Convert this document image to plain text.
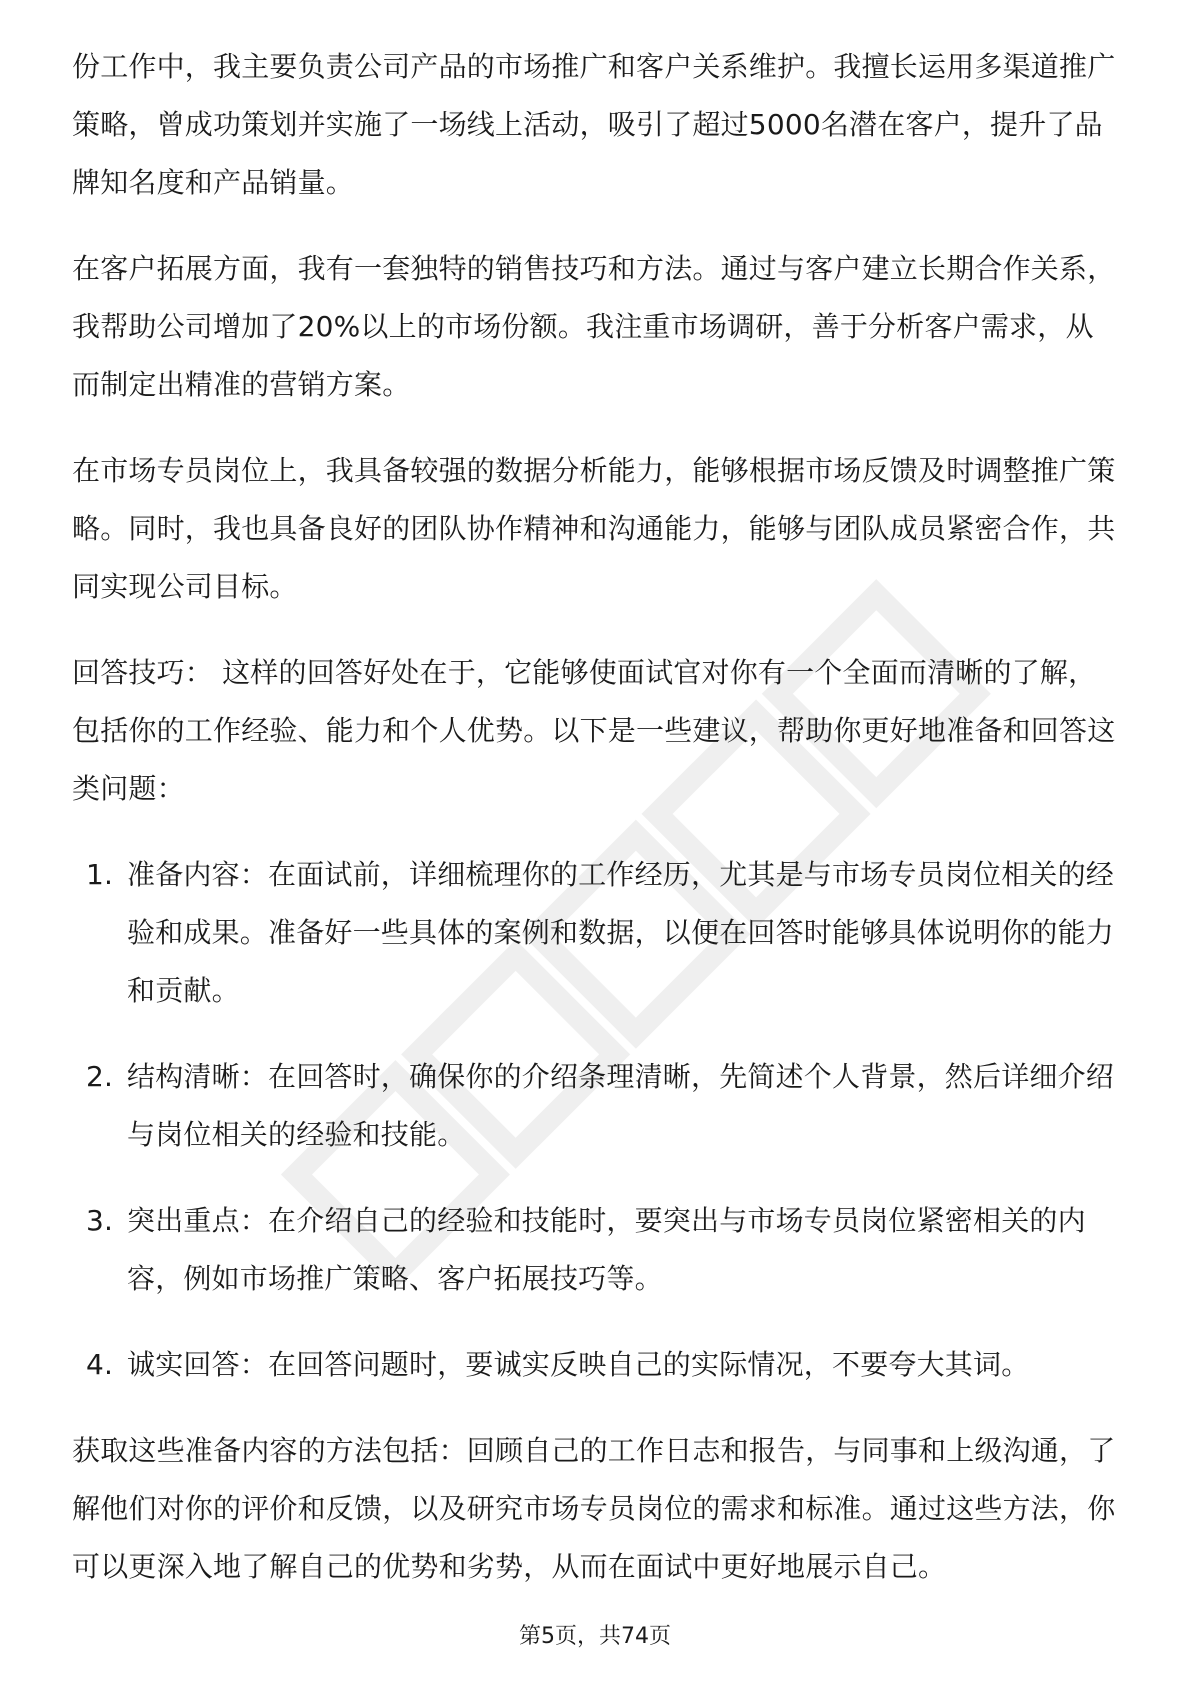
份工作中，我主要负责公司产品的市场推广和客户关系维护。我擅长运用多渠道推广策略，曾成功策划并实施了一场线上活动，吸引了超过5000名潜在客户，提升了品牌知名度和产品销量。

在客户拓展方面，我有一套独特的销售技巧和方法。通过与客户建立长期合作关系，我帮助公司增加了20%以上的市场份额。我注重市场调研，善于分析客户需求，从而制定出精准的营销方案。

在市场专员岗位上，我具备较强的数据分析能力，能够根据市场反馈及时调整推广策略。同时，我也具备良好的团队协作精神和沟通能力，能够与团队成员紧密合作，共同实现公司目标。

回答技巧： 这样的回答好处在于，它能够使面试官对你有一个全面而清晰的了解，包括你的工作经验、能力和个人优势。以下是一些建议，帮助你更好地准备和回答这类问题：

1. 准备内容：在面试前，详细梳理你的工作经历，尤其是与市场专员岗位相关的经验和成果。准备好一些具体的案例和数据，以便在回答时能够具体说明你的能力和贡献。
2. 结构清晰：在回答时，确保你的介绍条理清晰，先简述个人背景，然后详细介绍与岗位相关的经验和技能。
3. 突出重点：在介绍自己的经验和技能时，要突出与市场专员岗位紧密相关的内容，例如市场推广策略、客户拓展技巧等。
4. 诚实回答：在回答问题时，要诚实反映自己的实际情况，不要夸大其词。

获取这些准备内容的方法包括：回顾自己的工作日志和报告，与同事和上级沟通，了解他们对你的评价和反馈，以及研究市场专员岗位的需求和标准。通过这些方法，你可以更深入地了解自己的优势和劣势，从而在面试中更好地展示自己。

第5页，共74页
